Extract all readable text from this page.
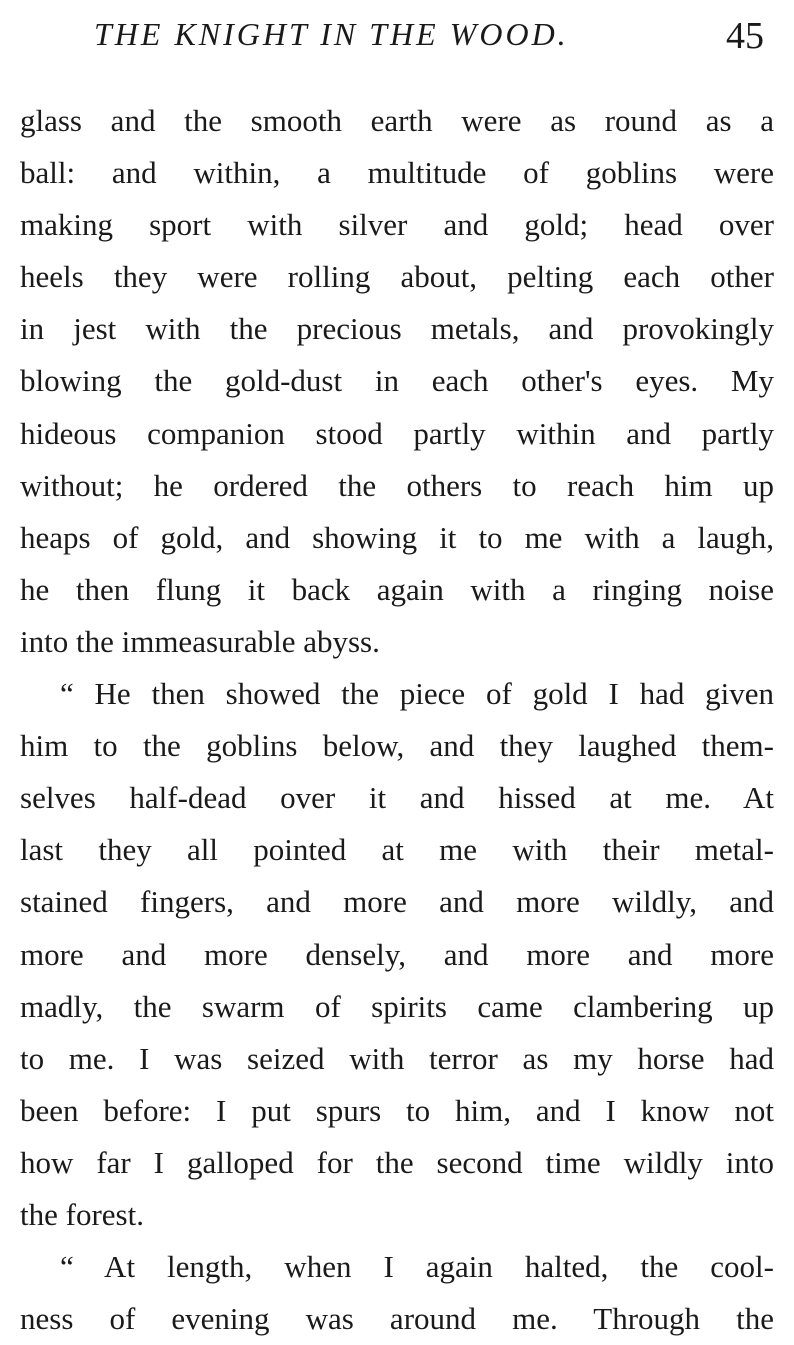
THE KNIGHT IN THE WOOD.	45
glass and the smooth earth were as round as a
ball: and within, a multitude of goblins were
making sport with silver and gold; head over
heels they were rolling about, pelting each other
in jest with the precious metals, and provokingly
blowing the gold-dust in each other's eyes. My
hideous companion stood partly within and partly
without; he ordered the others to reach him up
heaps of gold, and showing it to me with a laugh,
he then flung it back again with a ringing noise
into the immeasurable abyss.
“ He then showed the piece of gold I had given
him to the goblins below, and they laughed them-
selves half-dead over it and hissed at me. At
last they all pointed at me with their metal-
stained fingers, and more and more wildly, and
more and more densely, and more and more
madly, the swarm of spirits came clambering up
to me. I was seized with terror as my horse had
been before: I put spurs to him, and I know not
how far I galloped for the second time wildly into
the forest.
“ At length, when I again halted, the cool-
ness of evening was around me. Through the
